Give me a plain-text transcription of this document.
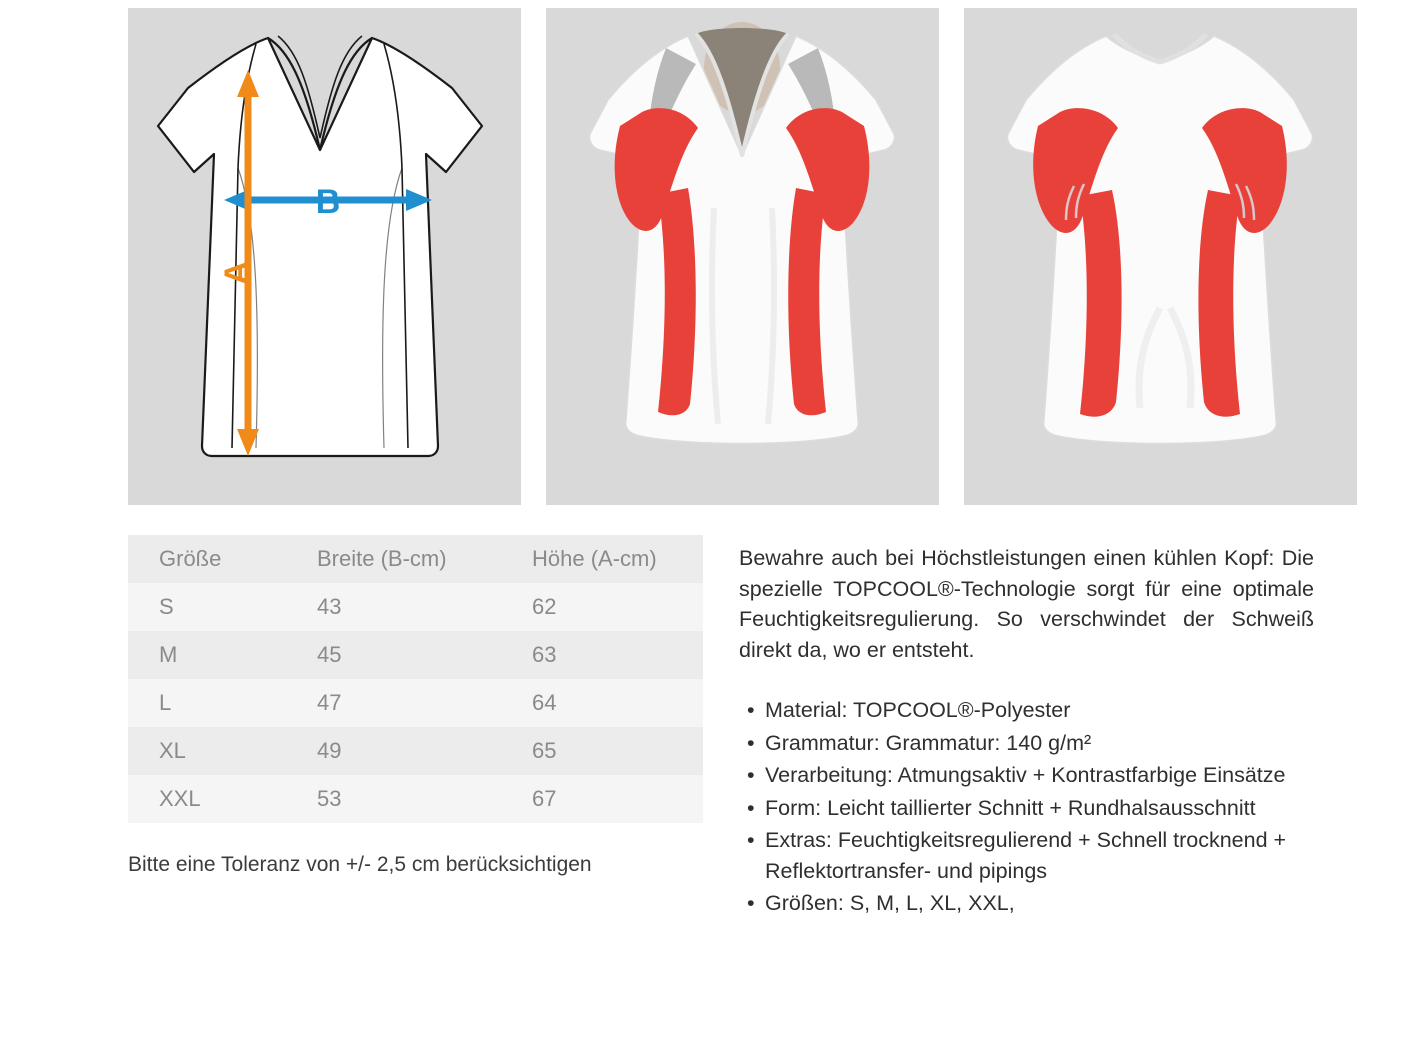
B
A
Größe	Breite (B-cm)	Höhe (A-cm)
S	43	62
M	45	63
L	47	64
XL	49	65
XXL	53	67
Bitte eine Toleranz von +/- 2,5 cm berücksichtigen

Bewahre auch bei Höchstleistungen einen kühlen Kopf: Die spezielle TOPCOOL®-Technologie sorgt für eine optimale Feuchtigkeitsregulierung. So verschwindet der Schweiß direkt da, wo er entsteht.

• Material: TOPCOOL®-Polyester
• Grammatur: Grammatur: 140 g/m²
• Verarbeitung: Atmungsaktiv + Kontrastfarbige Einsätze
• Form: Leicht taillierter Schnitt + Rundhalsausschnitt
• Extras: Feuchtigkeitsregulierend + Schnell trocknend + Reflektortransfer- und pipings
• Größen: S, M, L, XL, XXL,
